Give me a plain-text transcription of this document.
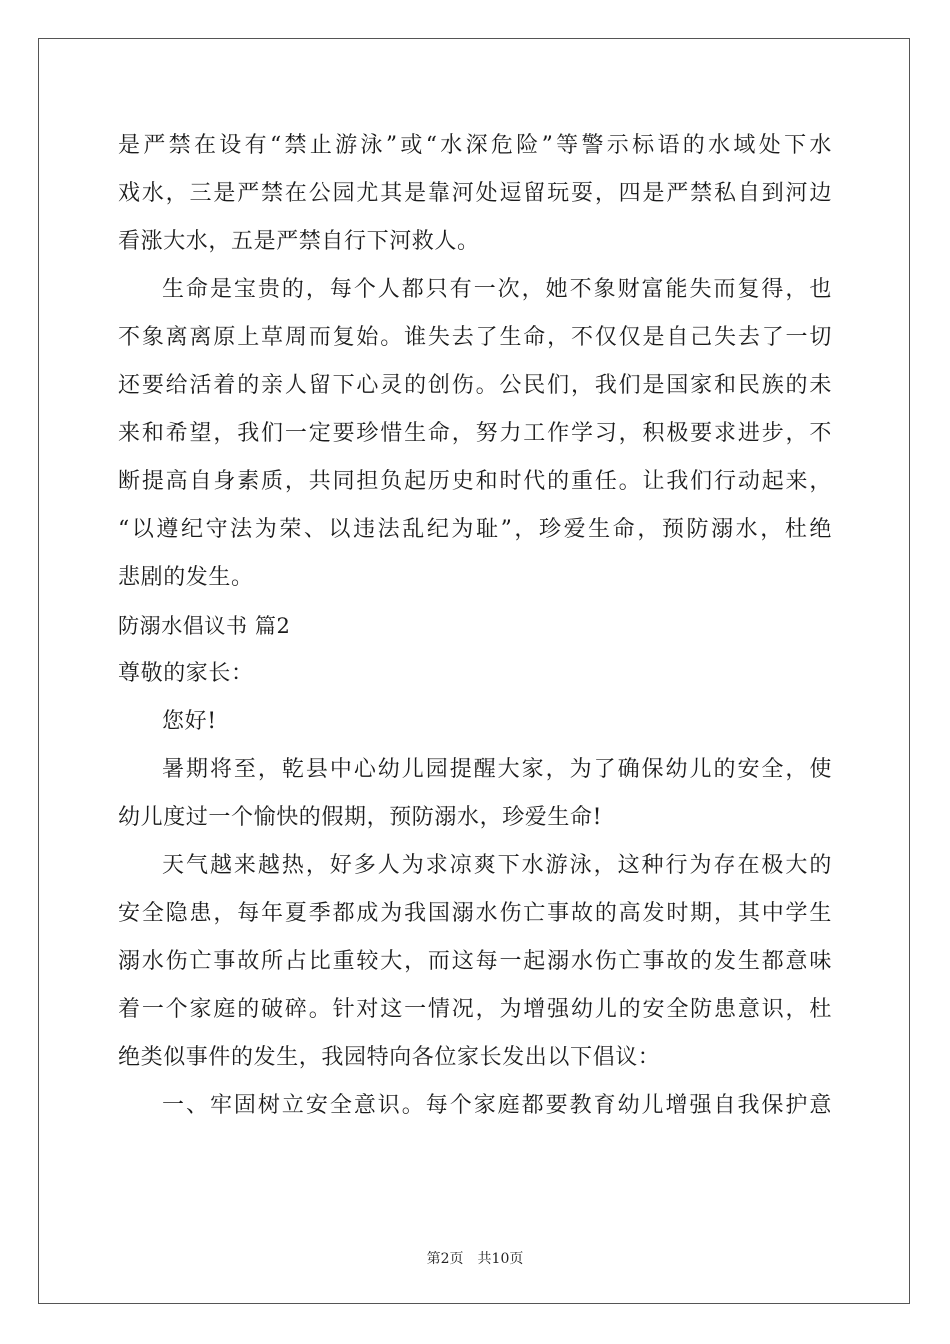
是严禁在设有“禁止游泳”或“水深危险”等警示标语的水域处下水
戏水，三是严禁在公园尤其是靠河处逗留玩耍，四是严禁私自到河边
看涨大水，五是严禁自行下河救人。
生命是宝贵的，每个人都只有一次，她不象财富能失而复得，也
不象离离原上草周而复始。谁失去了生命，不仅仅是自己失去了一切
还要给活着的亲人留下心灵的创伤。公民们，我们是国家和民族的未
来和希望，我们一定要珍惜生命，努力工作学习，积极要求进步，不
断提高自身素质，共同担负起历史和时代的重任。让我们行动起来，
“以遵纪守法为荣、以违法乱纪为耻”，珍爱生命，预防溺水，杜绝
悲剧的发生。
防溺水倡议书 篇2
尊敬的家长：
您好!
暑期将至，乾县中心幼儿园提醒大家，为了确保幼儿的安全，使
幼儿度过一个愉快的假期，预防溺水，珍爱生命!
天气越来越热，好多人为求凉爽下水游泳，这种行为存在极大的
安全隐患，每年夏季都成为我国溺水伤亡事故的高发时期，其中学生
溺水伤亡事故所占比重较大，而这每一起溺水伤亡事故的发生都意味
着一个家庭的破碎。针对这一情况，为增强幼儿的安全防患意识，杜
绝类似事件的发生，我园特向各位家长发出以下倡议：
一、牢固树立安全意识。每个家庭都要教育幼儿增强自我保护意
第2页 共10页
